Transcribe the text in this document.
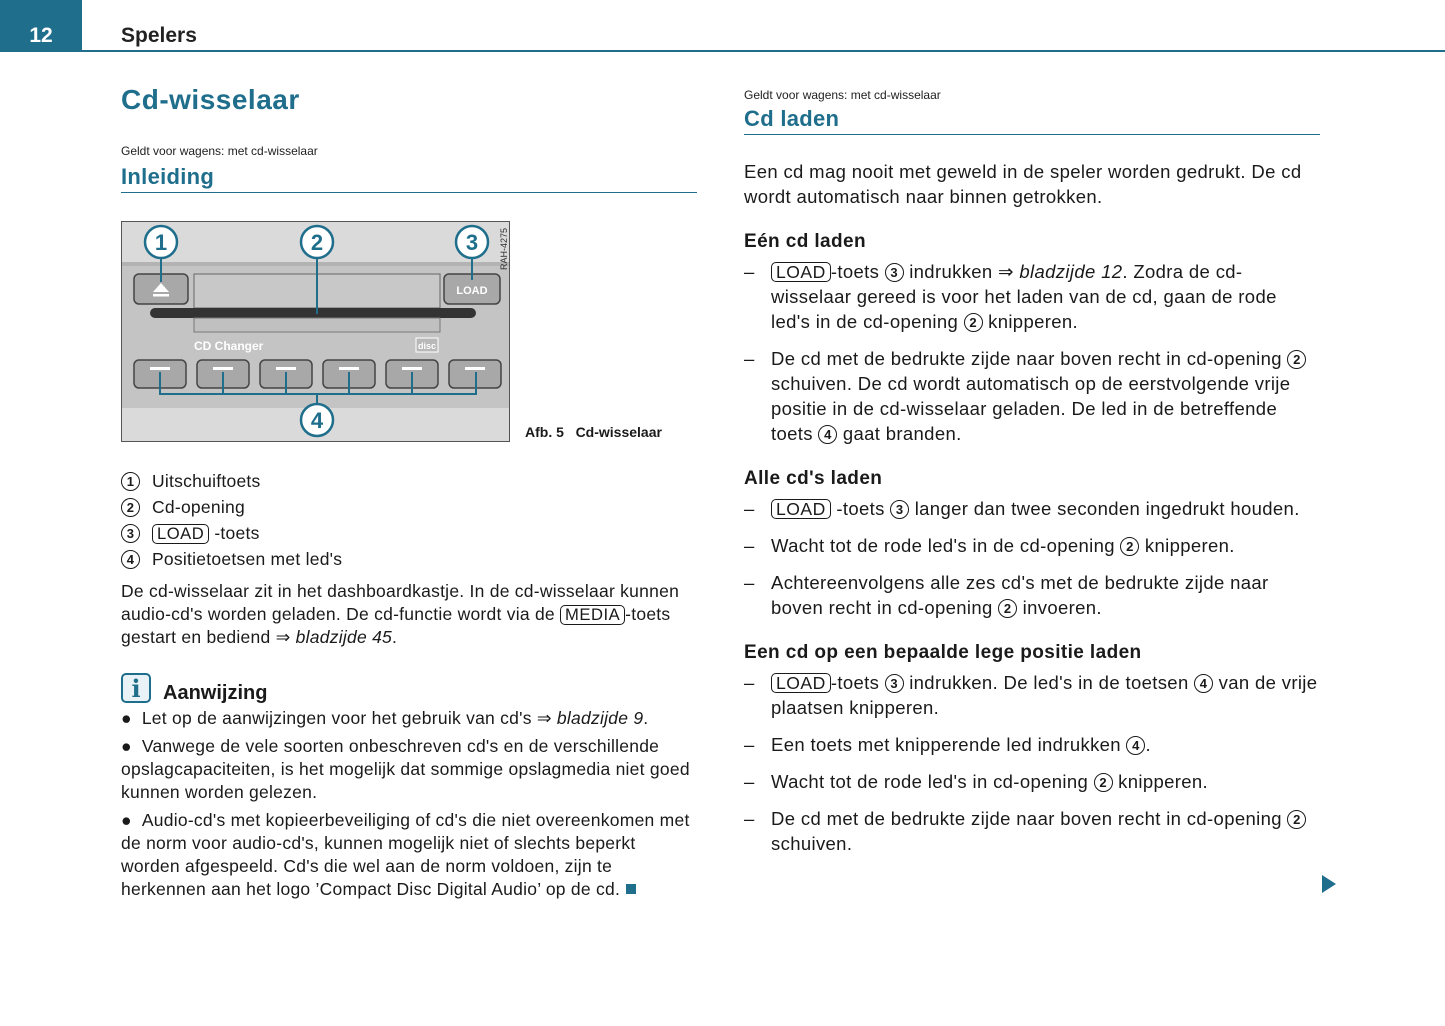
12	Spelers
Cd-wisselaar

Geldt voor wagens: met cd-wisselaar

Inleiding
LOAD
CD Changer	disc
1	2	3
4
RAH-4275
Afb. 5 Cd-wisselaar
1	Uitschuiftoets
2	Cd-opening
3	LOAD -toets
4	Positietoetsen met led's

De cd-wisselaar zit in het dashboardkastje. In de cd-wisselaar kunnen audio-cd's worden geladen. De cd-functie wordt via de MEDIA -toets gestart en bediend ⇒ bladzijde 45.

i	Aanwijzing

● Let op de aanwijzingen voor het gebruik van cd's ⇒ bladzijde 9.

● Vanwege de vele soorten onbeschreven cd's en de verschillende opslagcapaciteiten, is het mogelijk dat sommige opslagmedia niet goed kunnen worden gelezen.

● Audio-cd's met kopieerbeveiliging of cd's die niet overeenkomen met de norm voor audio-cd's, kunnen mogelijk niet of slechts beperkt worden afgespeeld. Cd's die wel aan de norm voldoen, zijn te herkennen aan het logo ’Compact Disc Digital Audio’ op de cd.

Geldt voor wagens: met cd-wisselaar

Cd laden

Een cd mag nooit met geweld in de speler worden gedrukt. De cd wordt automatisch naar binnen getrokken.

Eén cd laden
–	LOAD -toets 3 indrukken ⇒ bladzijde 12. Zodra de cd-wisselaar gereed is voor het laden van de cd, gaan de rode led's in de cd-opening 2 knipperen.
– De cd met de bedrukte zijde naar boven recht in cd-opening 2 schuiven. De cd wordt automatisch op de eerstvolgende vrije positie in de cd-wisselaar geladen. De led in de betreffende toets 4 gaat branden.
Alle cd's laden
–	LOAD -toets 3 langer dan twee seconden ingedrukt houden.
– Wacht tot de rode led's in de cd-opening 2 knipperen.
– Achtereenvolgens alle zes cd's met de bedrukte zijde naar boven recht in cd-opening 2 invoeren.
Een cd op een bepaalde lege positie laden
–	LOAD -toets 3 indrukken. De led's in de toetsen 4 van de vrije plaatsen knipperen.
– Een toets met knipperende led indrukken 4 .
– Wacht tot de rode led's in cd-opening 2 knipperen.
– De cd met de bedrukte zijde naar boven recht in cd-opening 2 schuiven.
